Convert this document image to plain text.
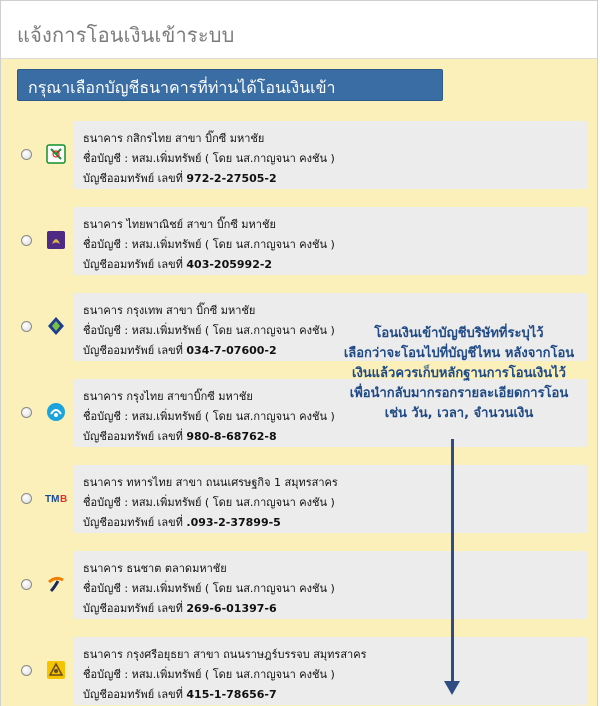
แจ้งการโอนเงินเข้าระบบ
กรุณาเลือกบัญชีธนาคารที่ท่านได้โอนเงินเข้า
ธนาคาร กสิกรไทย สาขา บิ๊กซี มหาชัย
ชื่อบัญชี : หสม.เพิ่มทรัพย์ ( โดย นส.กาญจนา คงชัน )
บัญชีออมทรัพย์ เลขที่ 972-2-27505-2
ธนาคาร ไทยพาณิชย์ สาขา บิ๊กซี มหาชัย
ชื่อบัญชี : หสม.เพิ่มทรัพย์ ( โดย นส.กาญจนา คงชัน )
บัญชีออมทรัพย์ เลขที่ 403-205992-2
ธนาคาร กรุงเทพ สาขา บิ๊กซี มหาชัย
ชื่อบัญชี : หสม.เพิ่มทรัพย์ ( โดย นส.กาญจนา คงชัน )
บัญชีออมทรัพย์ เลขที่ 034-7-07600-2
ธนาคาร กรุงไทย สาขาบิ๊กซี มหาชัย
ชื่อบัญชี : หสม.เพิ่มทรัพย์ ( โดย นส.กาญจนา คงชัน )
บัญชีออมทรัพย์ เลขที่ 980-8-68762-8
TM B
ธนาคาร ทหารไทย สาขา ถนนเศรษฐกิจ 1 สมุทรสาคร
ชื่อบัญชี : หสม.เพิ่มทรัพย์ ( โดย นส.กาญจนา คงชัน )
บัญชีออมทรัพย์ เลขที่ .093-2-37899-5
ธนาคาร ธนชาต ตลาดมหาชัย
ชื่อบัญชี : หสม.เพิ่มทรัพย์ ( โดย นส.กาญจนา คงชัน )
บัญชีออมทรัพย์ เลขที่ 269-6-01397-6
ธนาคาร กรุงศรีอยุธยา สาขา ถนนราษฎร์บรรจบ สมุทรสาคร
ชื่อบัญชี : หสม.เพิ่มทรัพย์ ( โดย นส.กาญจนา คงชัน )
บัญชีออมทรัพย์ เลขที่ 415-1-78656-7
โอนเงินเข้าบัญชีบริษัทที่ระบุไว้
เลือกว่าจะโอนไปที่บัญชีไหน หลังจากโอน
เงินแล้วควรเก็บหลักฐานการโอนเงินไว้
เพื่อนำกลับมากรอกรายละเอียดการโอน
เช่น วัน, เวลา, จำนวนเงิน
